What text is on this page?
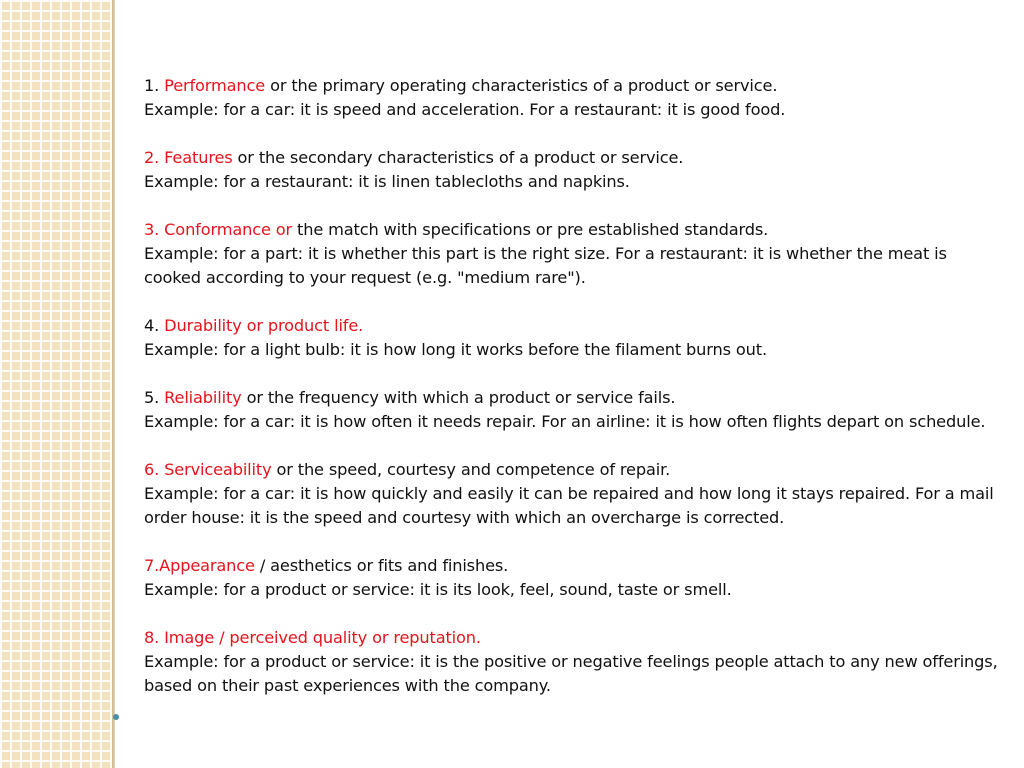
1. Performance or the primary operating characteristics of a product or service.

Example: for a car: it is speed and acceleration. For a restaurant: it is good food.

2. Features or the secondary characteristics of a product or service.

Example: for a restaurant: it is linen tablecloths and napkins.

3. Conformance or the match with specifications or pre established standards.

Example: for a part: it is whether this part is the right size. For a restaurant: it is whether the meat is cooked according to your request (e.g. "medium rare").

4. Durability or product life.

Example: for a light bulb: it is how long it works before the filament burns out.

5. Reliability or the frequency with which a product or service fails.

Example: for a car: it is how often it needs repair. For an airline: it is how often flights depart on schedule.

6. Serviceability or the speed, courtesy and competence of repair.

Example: for a car: it is how quickly and easily it can be repaired and how long it stays repaired. For a mail order house: it is the speed and courtesy with which an overcharge is corrected.

7.Appearance / aesthetics or fits and finishes.

Example: for a product or service: it is its look, feel, sound, taste or smell.

8. Image / perceived quality or reputation.

Example: for a product or service: it is the positive or negative feelings people attach to any new offerings, based on their past experiences with the company.
